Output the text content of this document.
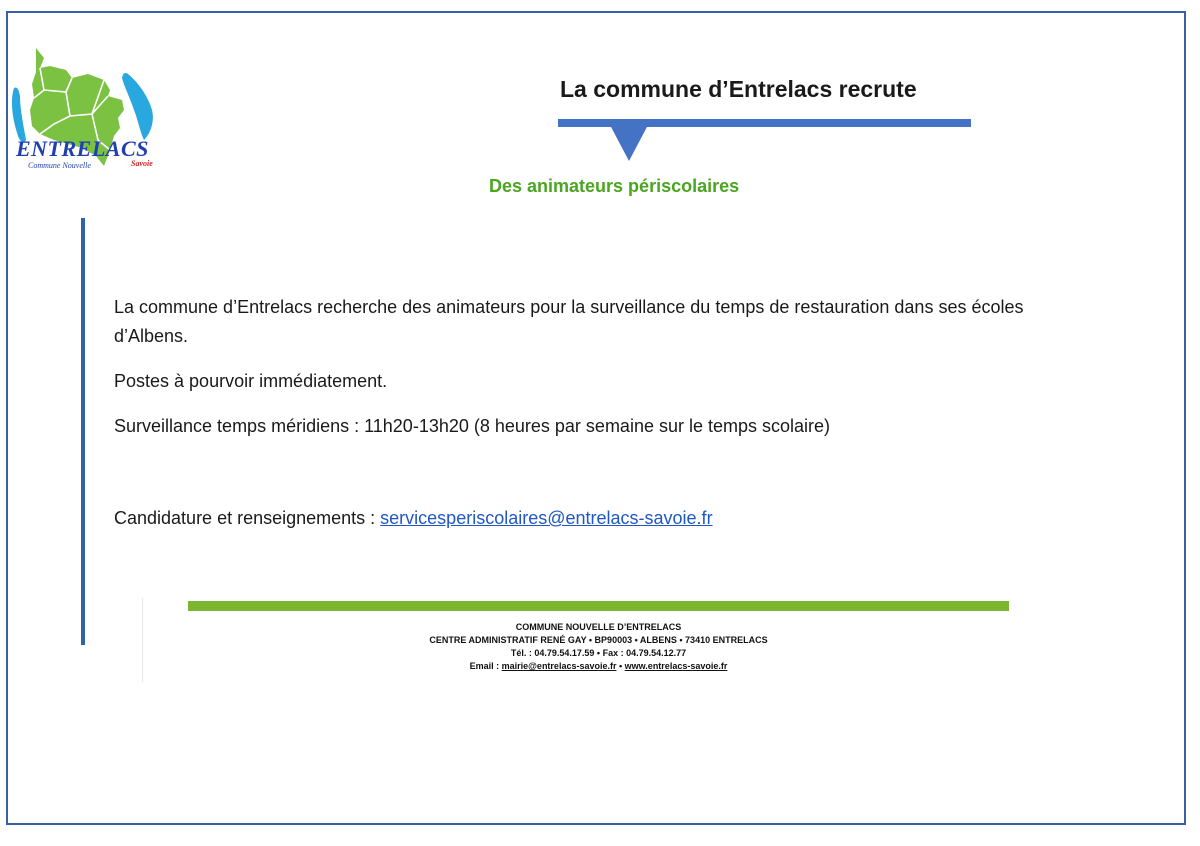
ENTRELACS
Commune Nouvelle	Savoie
La commune d’Entrelacs recrute
Des animateurs périscolaires
La commune d’Entrelacs recherche des animateurs pour la surveillance du temps de restauration dans ses écoles d’Albens.
Postes à pourvoir immédiatement.
Surveillance temps méridiens : 11h20-13h20 (8 heures par semaine sur le temps scolaire)
Candidature et renseignements : servicesperiscolaires@entrelacs-savoie.fr
COMMUNE NOUVELLE D’ENTRELACS
CENTRE ADMINISTRATIF RENÉ GAY • BP90003 • ALBENS • 73410 ENTRELACS
Tél. : 04.79.54.17.59 • Fax : 04.79.54.12.77
Email : mairie@entrelacs-savoie.fr • www.entrelacs-savoie.fr
